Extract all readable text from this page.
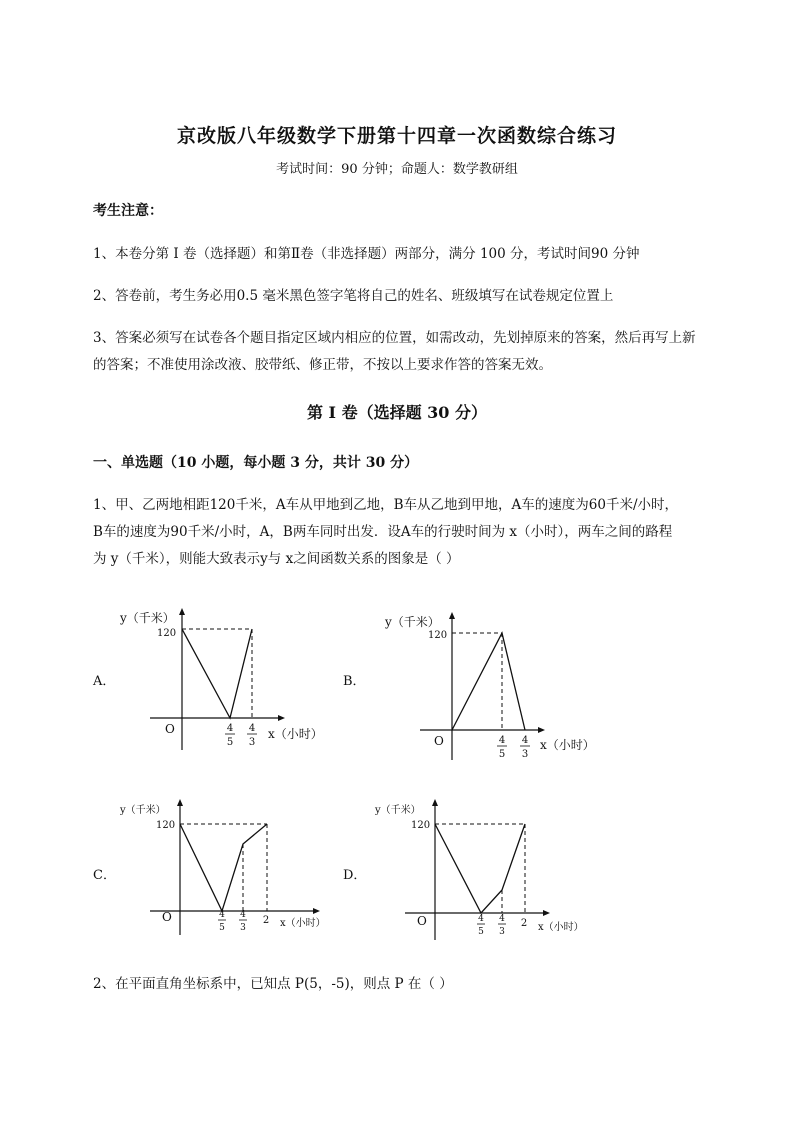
京改版八年级数学下册第十四章一次函数综合练习
考试时间：90 分钟；命题人：数学教研组
考生注意：
1、本卷分第 I 卷（选择题）和第Ⅱ卷（非选择题）两部分，满分 100 分，考试时间90 分钟
2、答卷前，考生务必用0.5 毫米黑色签字笔将自己的姓名、班级填写在试卷规定位置上
3、答案必须写在试卷各个题目指定区域内相应的位置，如需改动，先划掉原来的答案，然后再写上新
的答案；不准使用涂改液、胶带纸、修正带，不按以上要求作答的答案无效。
第 I 卷（选择题 30 分）
一、单选题（10 小题，每小题 3 分，共计 30 分）
1、甲、乙两地相距120千米，A车从甲地到乙地，B车从乙地到甲地，A车的速度为60千米/小时，
B车的速度为90千米/小时，A，B两车同时出发．设A车的行驶时间为 x（小时），两车之间的路程
为 y（千米），则能大致表示y与 x之间函数关系的图象是（ ）
A．
y（千米）
120
O	4
5
4
3
x（小时）
B．
y（千米）
120
O	4
5
4
3
x（小时）
C．
y（千米）
120
O	4
5
4
3
2 x（小时）
D．
y（千米）
120
O	4
5
4
3
2 x（小时）
2、在平面直角坐标系中，已知点 P(5，-5)，则点 P 在（ ）
